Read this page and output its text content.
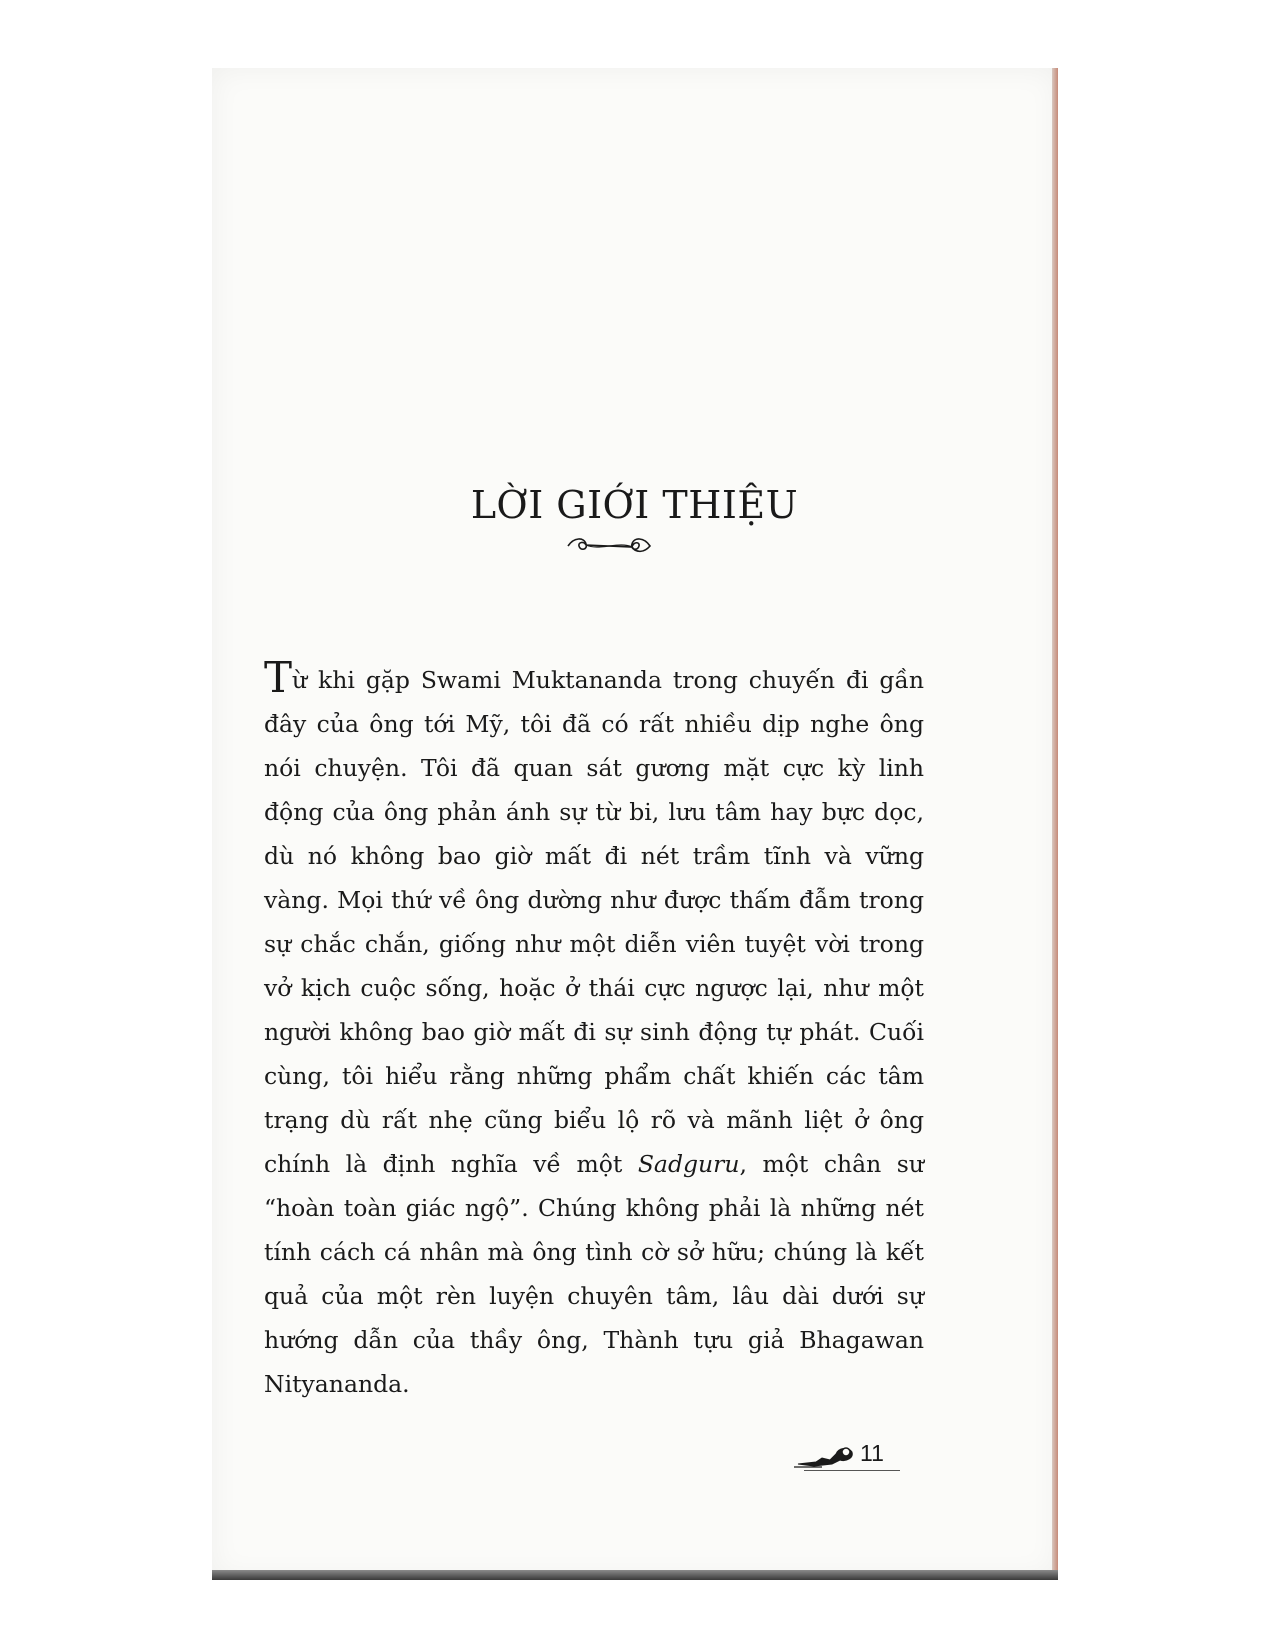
LỜI GIỚI THIỆU
Từ khi gặp Swami Muktananda trong chuyến đi gần đây của ông tới Mỹ, tôi đã có rất nhiều dịp nghe ông nói chuyện. Tôi đã quan sát gương mặt cực kỳ linh động của ông phản ánh sự từ bi, lưu tâm hay bực dọc, dù nó không bao giờ mất đi nét trầm tĩnh và vững vàng. Mọi thứ về ông dường như được thấm đẫm trong sự chắc chắn, giống như một diễn viên tuyệt vời trong vở kịch cuộc sống, hoặc ở thái cực ngược lại, như một người không bao giờ mất đi sự sinh động tự phát. Cuối cùng, tôi hiểu rằng những phẩm chất khiến các tâm trạng dù rất nhẹ cũng biểu lộ rõ và mãnh liệt ở ông chính là định nghĩa về một Sadguru, một chân sư “hoàn toàn giác ngộ”. Chúng không phải là những nét tính cách cá nhân mà ông tình cờ sở hữu; chúng là kết quả của một rèn luyện chuyên tâm, lâu dài dưới sự hướng dẫn của thầy ông, Thành tựu giả Bhagawan Nityananda.
11
